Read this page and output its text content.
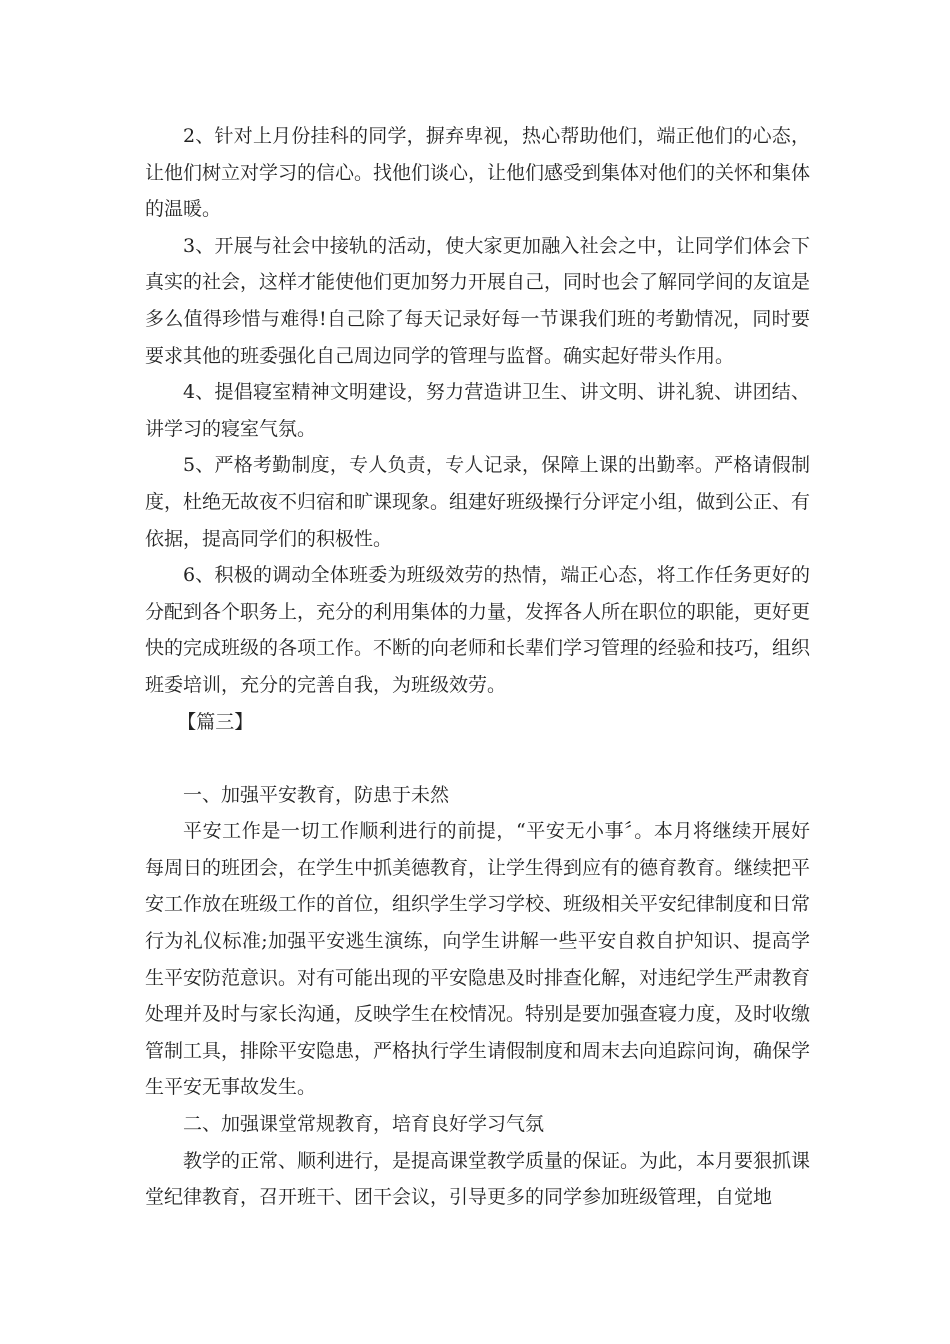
2、针对上月份挂科的同学，摒弃卑视，热心帮助他们，端正他们的心态，让他们树立对学习的信心。找他们谈心，让他们感受到集体对他们的关怀和集体的温暖。

3、开展与社会中接轨的活动，使大家更加融入社会之中，让同学们体会下真实的社会，这样才能使他们更加努力开展自己，同时也会了解同学间的友谊是多么值得珍惜与难得!自己除了每天记录好每一节课我们班的考勤情况，同时要要求其他的班委强化自己周边同学的管理与监督。确实起好带头作用。

4、提倡寝室精神文明建设，努力营造讲卫生、讲文明、讲礼貌、讲团结、讲学习的寝室气氛。

5、严格考勤制度，专人负责，专人记录，保障上课的出勤率。严格请假制度，杜绝无故夜不归宿和旷课现象。组建好班级操行分评定小组，做到公正、有依据，提高同学们的积极性。

6、积极的调动全体班委为班级效劳的热情，端正心态，将工作任务更好的分配到各个职务上，充分的利用集体的力量，发挥各人所在职位的职能，更好更快的完成班级的各项工作。不断的向老师和长辈们学习管理的经验和技巧，组织班委培训，充分的完善自我，为班级效劳。

【篇三】

一、加强平安教育，防患于未然

平安工作是一切工作顺利进行的前提，“平安无小事〞。本月将继续开展好每周日的班团会，在学生中抓美德教育，让学生得到应有的德育教育。继续把平安工作放在班级工作的首位，组织学生学习学校、班级相关平安纪律制度和日常行为礼仪标准;加强平安逃生演练，向学生讲解一些平安自救自护知识、提高学生平安防范意识。对有可能出现的平安隐患及时排查化解，对违纪学生严肃教育处理并及时与家长沟通，反映学生在校情况。特别是要加强查寝力度，及时收缴管制工具，排除平安隐患，严格执行学生请假制度和周末去向追踪问询，确保学生平安无事故发生。

二、加强课堂常规教育，培育良好学习气氛

教学的正常、顺利进行，是提高课堂教学质量的保证。为此，本月要狠抓课堂纪律教育，召开班干、团干会议，引导更多的同学参加班级管理，自觉地
